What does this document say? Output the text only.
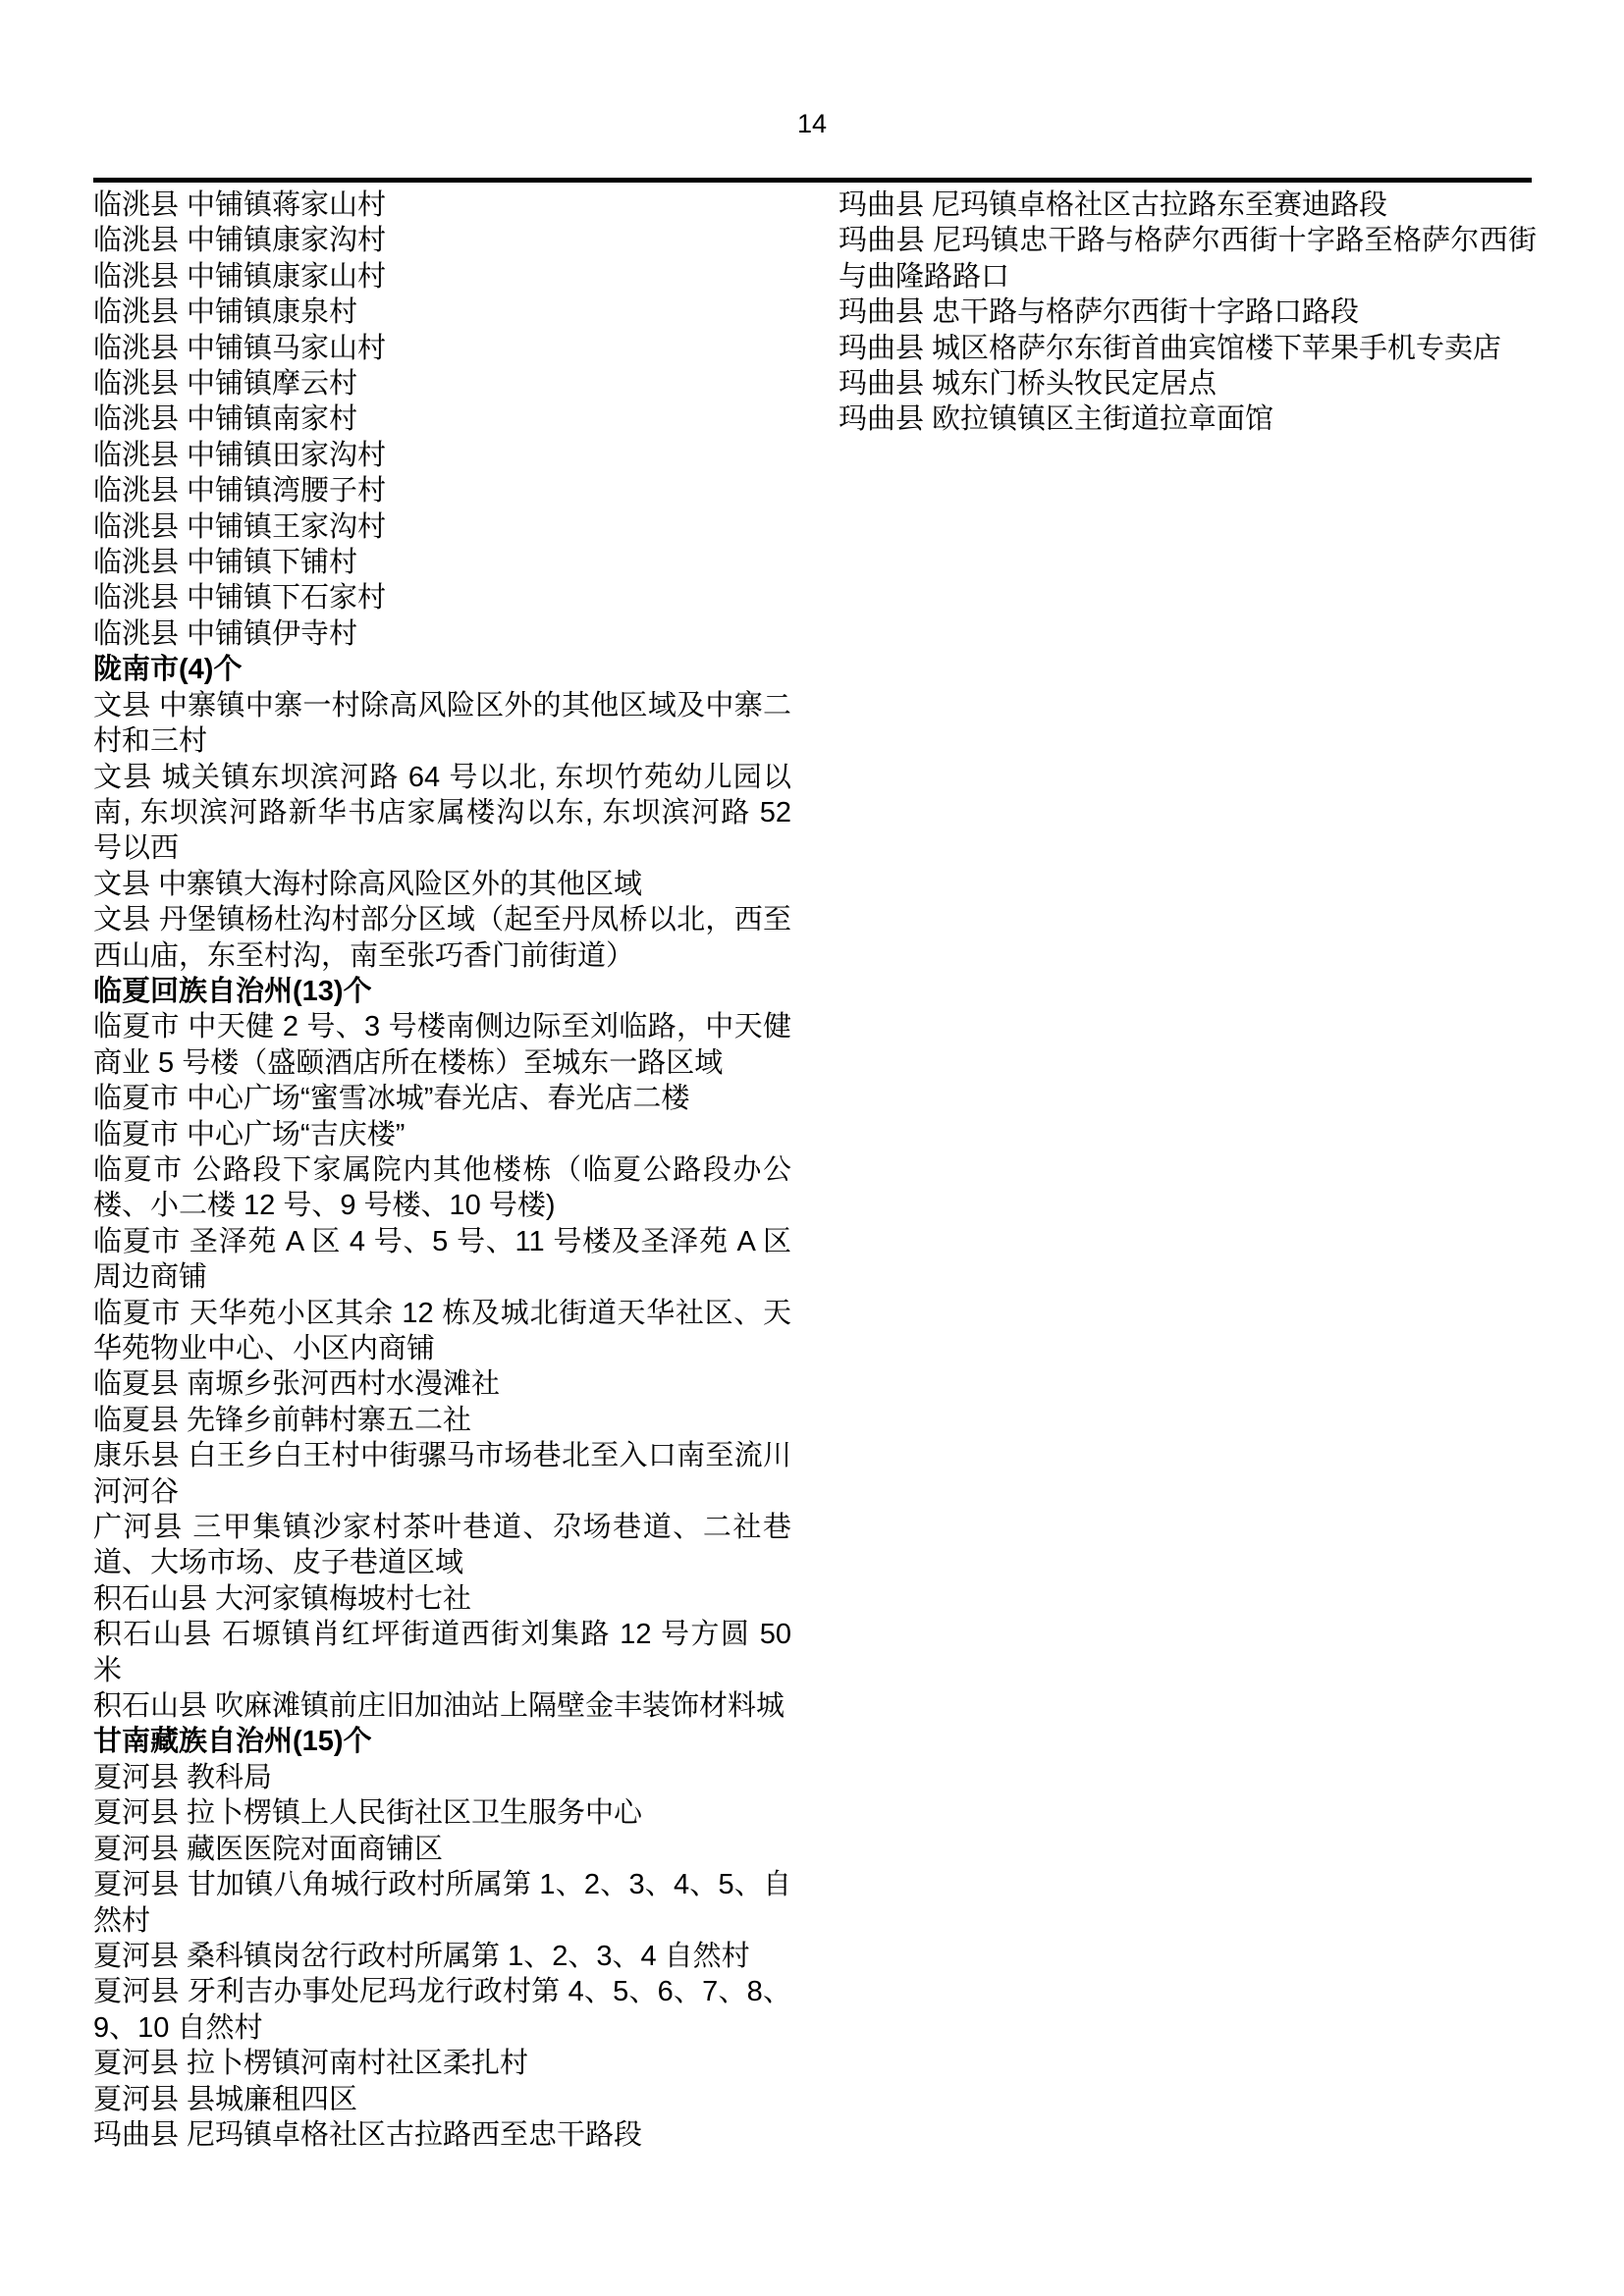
14

临洮县 中铺镇蒋家山村

临洮县 中铺镇康家沟村

临洮县 中铺镇康家山村

临洮县 中铺镇康泉村

临洮县 中铺镇马家山村

临洮县 中铺镇摩云村

临洮县 中铺镇南家村

临洮县 中铺镇田家沟村

临洮县 中铺镇湾腰子村

临洮县 中铺镇王家沟村

临洮县 中铺镇下铺村

临洮县 中铺镇下石家村

临洮县 中铺镇伊寺村

陇南市(4)个

文县 中寨镇中寨一村除高风险区外的其他区域及中寨二村和三村

文县 城关镇东坝滨河路 64 号以北, 东坝竹苑幼儿园以南, 东坝滨河路新华书店家属楼沟以东, 东坝滨河路 52 号以西

文县 中寨镇大海村除高风险区外的其他区域

文县 丹堡镇杨杜沟村部分区域（起至丹凤桥以北，西至西山庙，东至村沟，南至张巧香门前街道）

临夏回族自治州(13)个

临夏市 中天健 2 号、3 号楼南侧边际至刘临路，中天健商业 5 号楼（盛颐酒店所在楼栋）至城东一路区域

临夏市 中心广场“蜜雪冰城”春光店、春光店二楼

临夏市 中心广场“吉庆楼”

临夏市 公路段下家属院内其他楼栋（临夏公路段办公楼、小二楼 12 号、9 号楼、10 号楼)

临夏市 圣泽苑 A 区 4 号、5 号、11 号楼及圣泽苑 A 区周边商铺

临夏市 天华苑小区其余 12 栋及城北街道天华社区、天华苑物业中心、小区内商铺

临夏县 南塬乡张河西村水漫滩社

临夏县 先锋乡前韩村寨五二社

康乐县 白王乡白王村中街骡马市场巷北至入口南至流川河河谷

广河县 三甲集镇沙家村茶叶巷道、尕场巷道、二社巷道、大场市场、皮子巷道区域

积石山县 大河家镇梅坡村七社

积石山县 石塬镇肖红坪街道西街刘集路 12 号方圆 50 米

积石山县 吹麻滩镇前庄旧加油站上隔壁金丰装饰材料城

甘南藏族自治州(15)个

夏河县 教科局

夏河县 拉卜楞镇上人民街社区卫生服务中心

夏河县 藏医医院对面商铺区

夏河县 甘加镇八角城行政村所属第 1、2、3、4、5、自然村

夏河县 桑科镇岗岔行政村所属第 1、2、3、4 自然村

夏河县 牙利吉办事处尼玛龙行政村第 4、5、6、7、8、9、10 自然村

夏河县 拉卜楞镇河南村社区柔扎村

夏河县 县城廉租四区

玛曲县 尼玛镇卓格社区古拉路西至忠干路段

玛曲县 尼玛镇卓格社区古拉路东至赛迪路段

玛曲县 尼玛镇忠干路与格萨尔西街十字路至格萨尔西街与曲隆路路口

玛曲县 忠干路与格萨尔西街十字路口路段

玛曲县 城区格萨尔东街首曲宾馆楼下苹果手机专卖店

玛曲县 城东门桥头牧民定居点

玛曲县 欧拉镇镇区主街道拉章面馆
